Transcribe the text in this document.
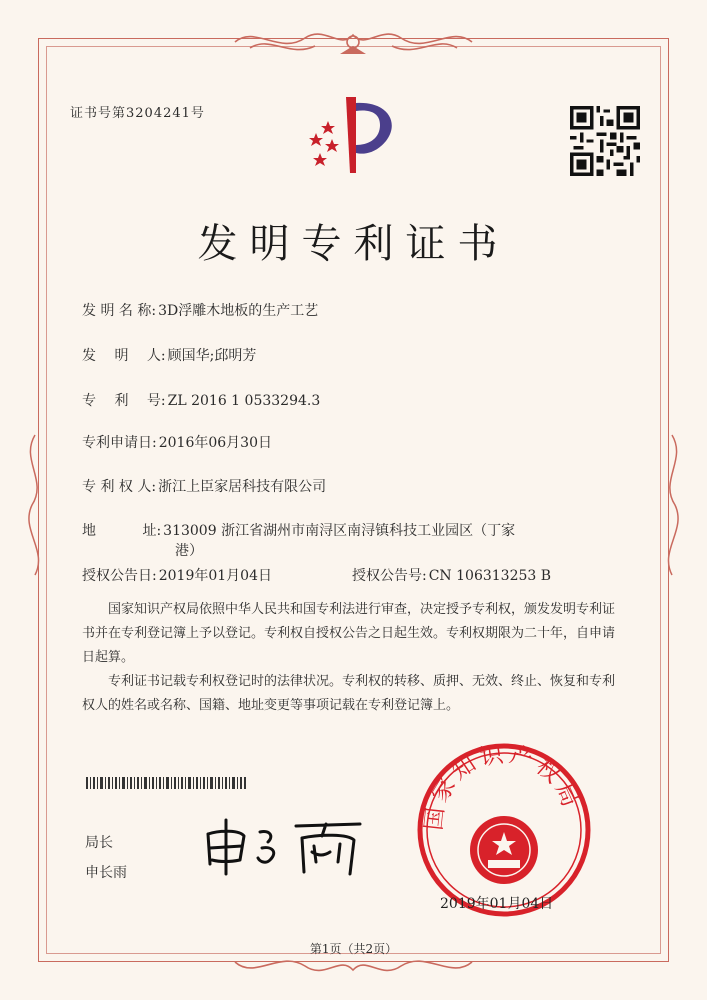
证书号第3204241号
发明专利证书
发 明 名 称: 3D浮雕木地板的生产工艺
发　 明　 人: 顾国华;邱明芳
专　 利　 号: ZL 2016 1 0533294.3
专利申请日: 2016年06月30日
专 利 权 人: 浙江上臣家居科技有限公司
地　　　 址: 313009 浙江省湖州市南浔区南浔镇科技工业园区（丁家
港）
授权公告日: 2019年01月04日	授权公告号: CN 106313253 B
　　国家知识产权局依照中华人民共和国专利法进行审查，决定授予专利权，颁发发明专利证书并在专利登记簿上予以登记。专利权自授权公告之日起生效。专利权期限为二十年，自申请日起算。
　　专利证书记载专利权登记时的法律状况。专利权的转移、质押、无效、终止、恢复和专利权人的姓名或名称、国籍、地址变更等事项记载在专利登记簿上。
局长
申长雨
国家知识产权局
2019年01月04日
第1页（共2页）
